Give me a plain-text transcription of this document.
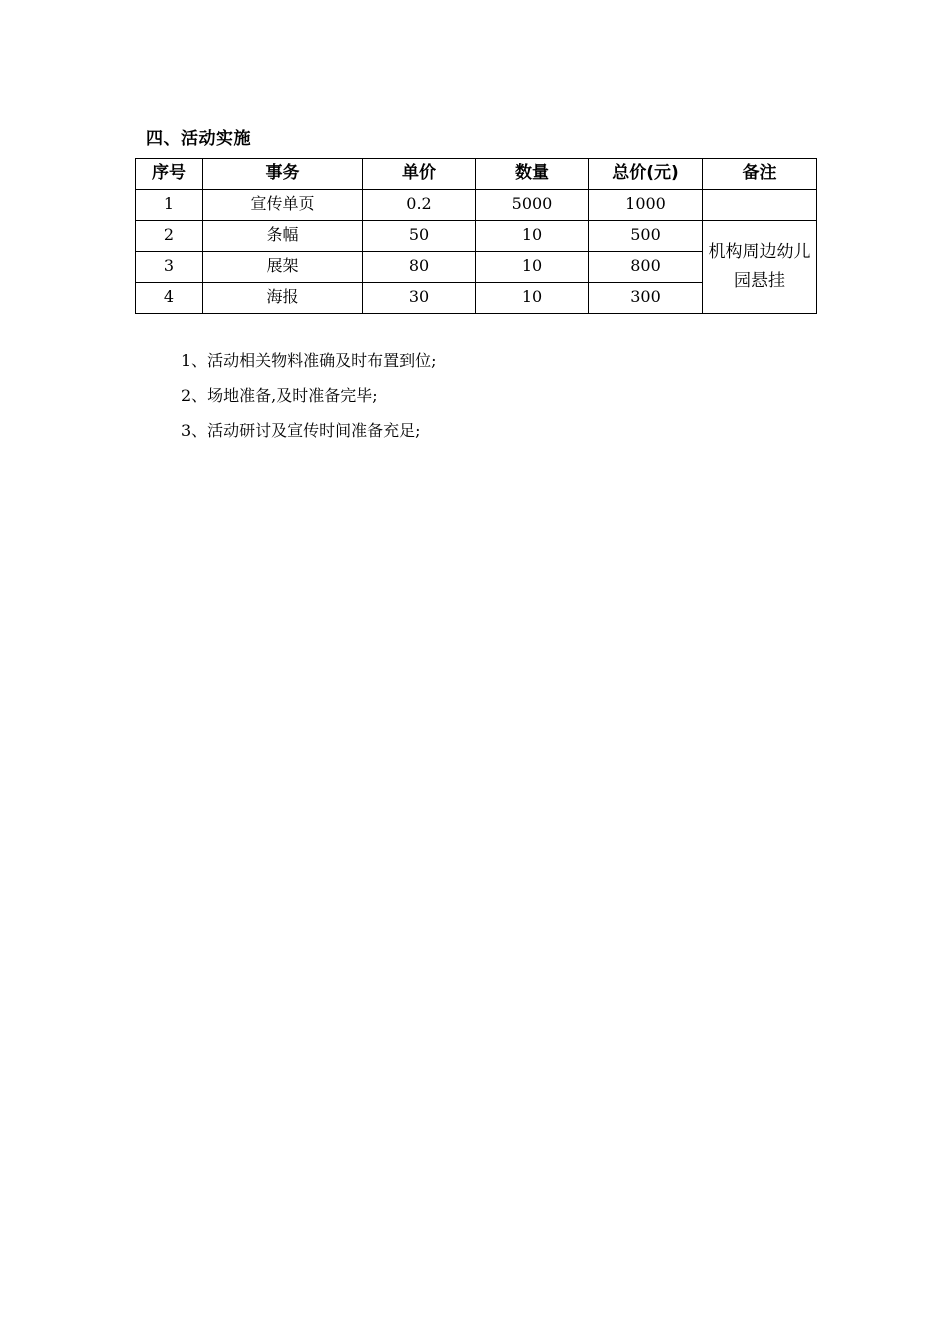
四、活动实施
序号	事务	单价	数量	总价(元)	备注
1	宣传单页	0.2	5000	1000	
2	条幅	50	10	500	机构周边幼儿园悬挂
3	展架	80	10	800	
4	海报	30	10	300	
1、活动相关物料准确及时布置到位;
2、场地准备,及时准备完毕;
3、活动研讨及宣传时间准备充足;
